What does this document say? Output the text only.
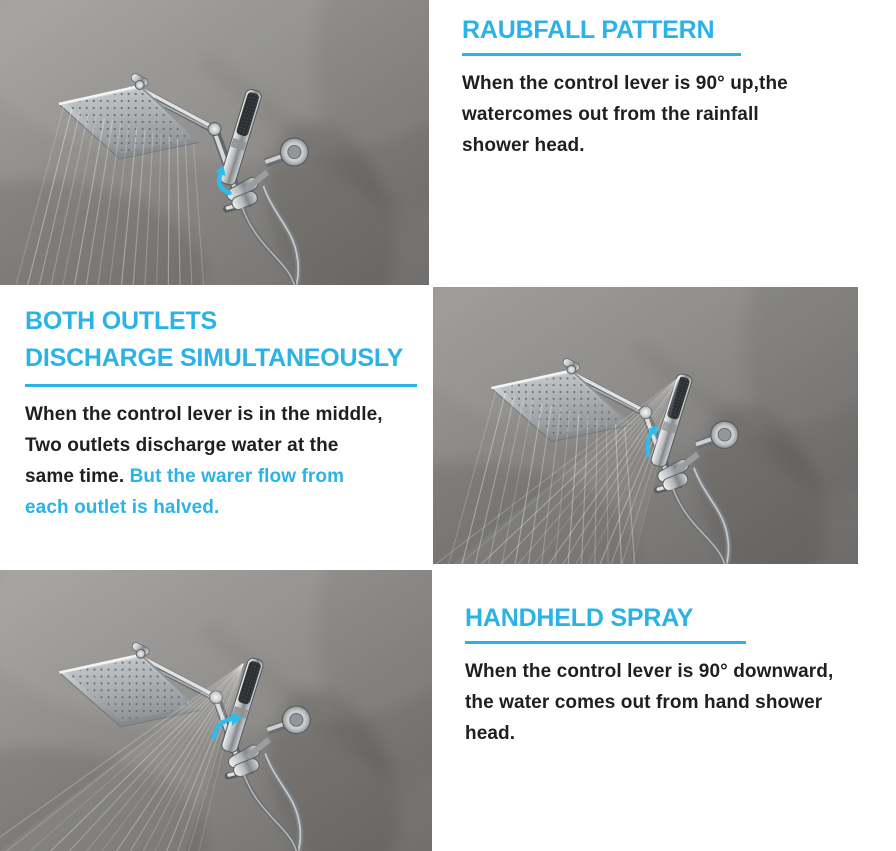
RAUBFALL PATTERN
When the control lever is 90° up,the
watercomes out from the rainfall
shower head.
BOTH OUTLETS
DISCHARGE SIMULTANEOUSLY
When the control lever is in the middle,
Two outlets discharge water at the
same time. But the warer flow from
each outlet is halved.
HANDHELD SPRAY
When the control lever is 90° downward,
the water comes out from hand shower
head.
